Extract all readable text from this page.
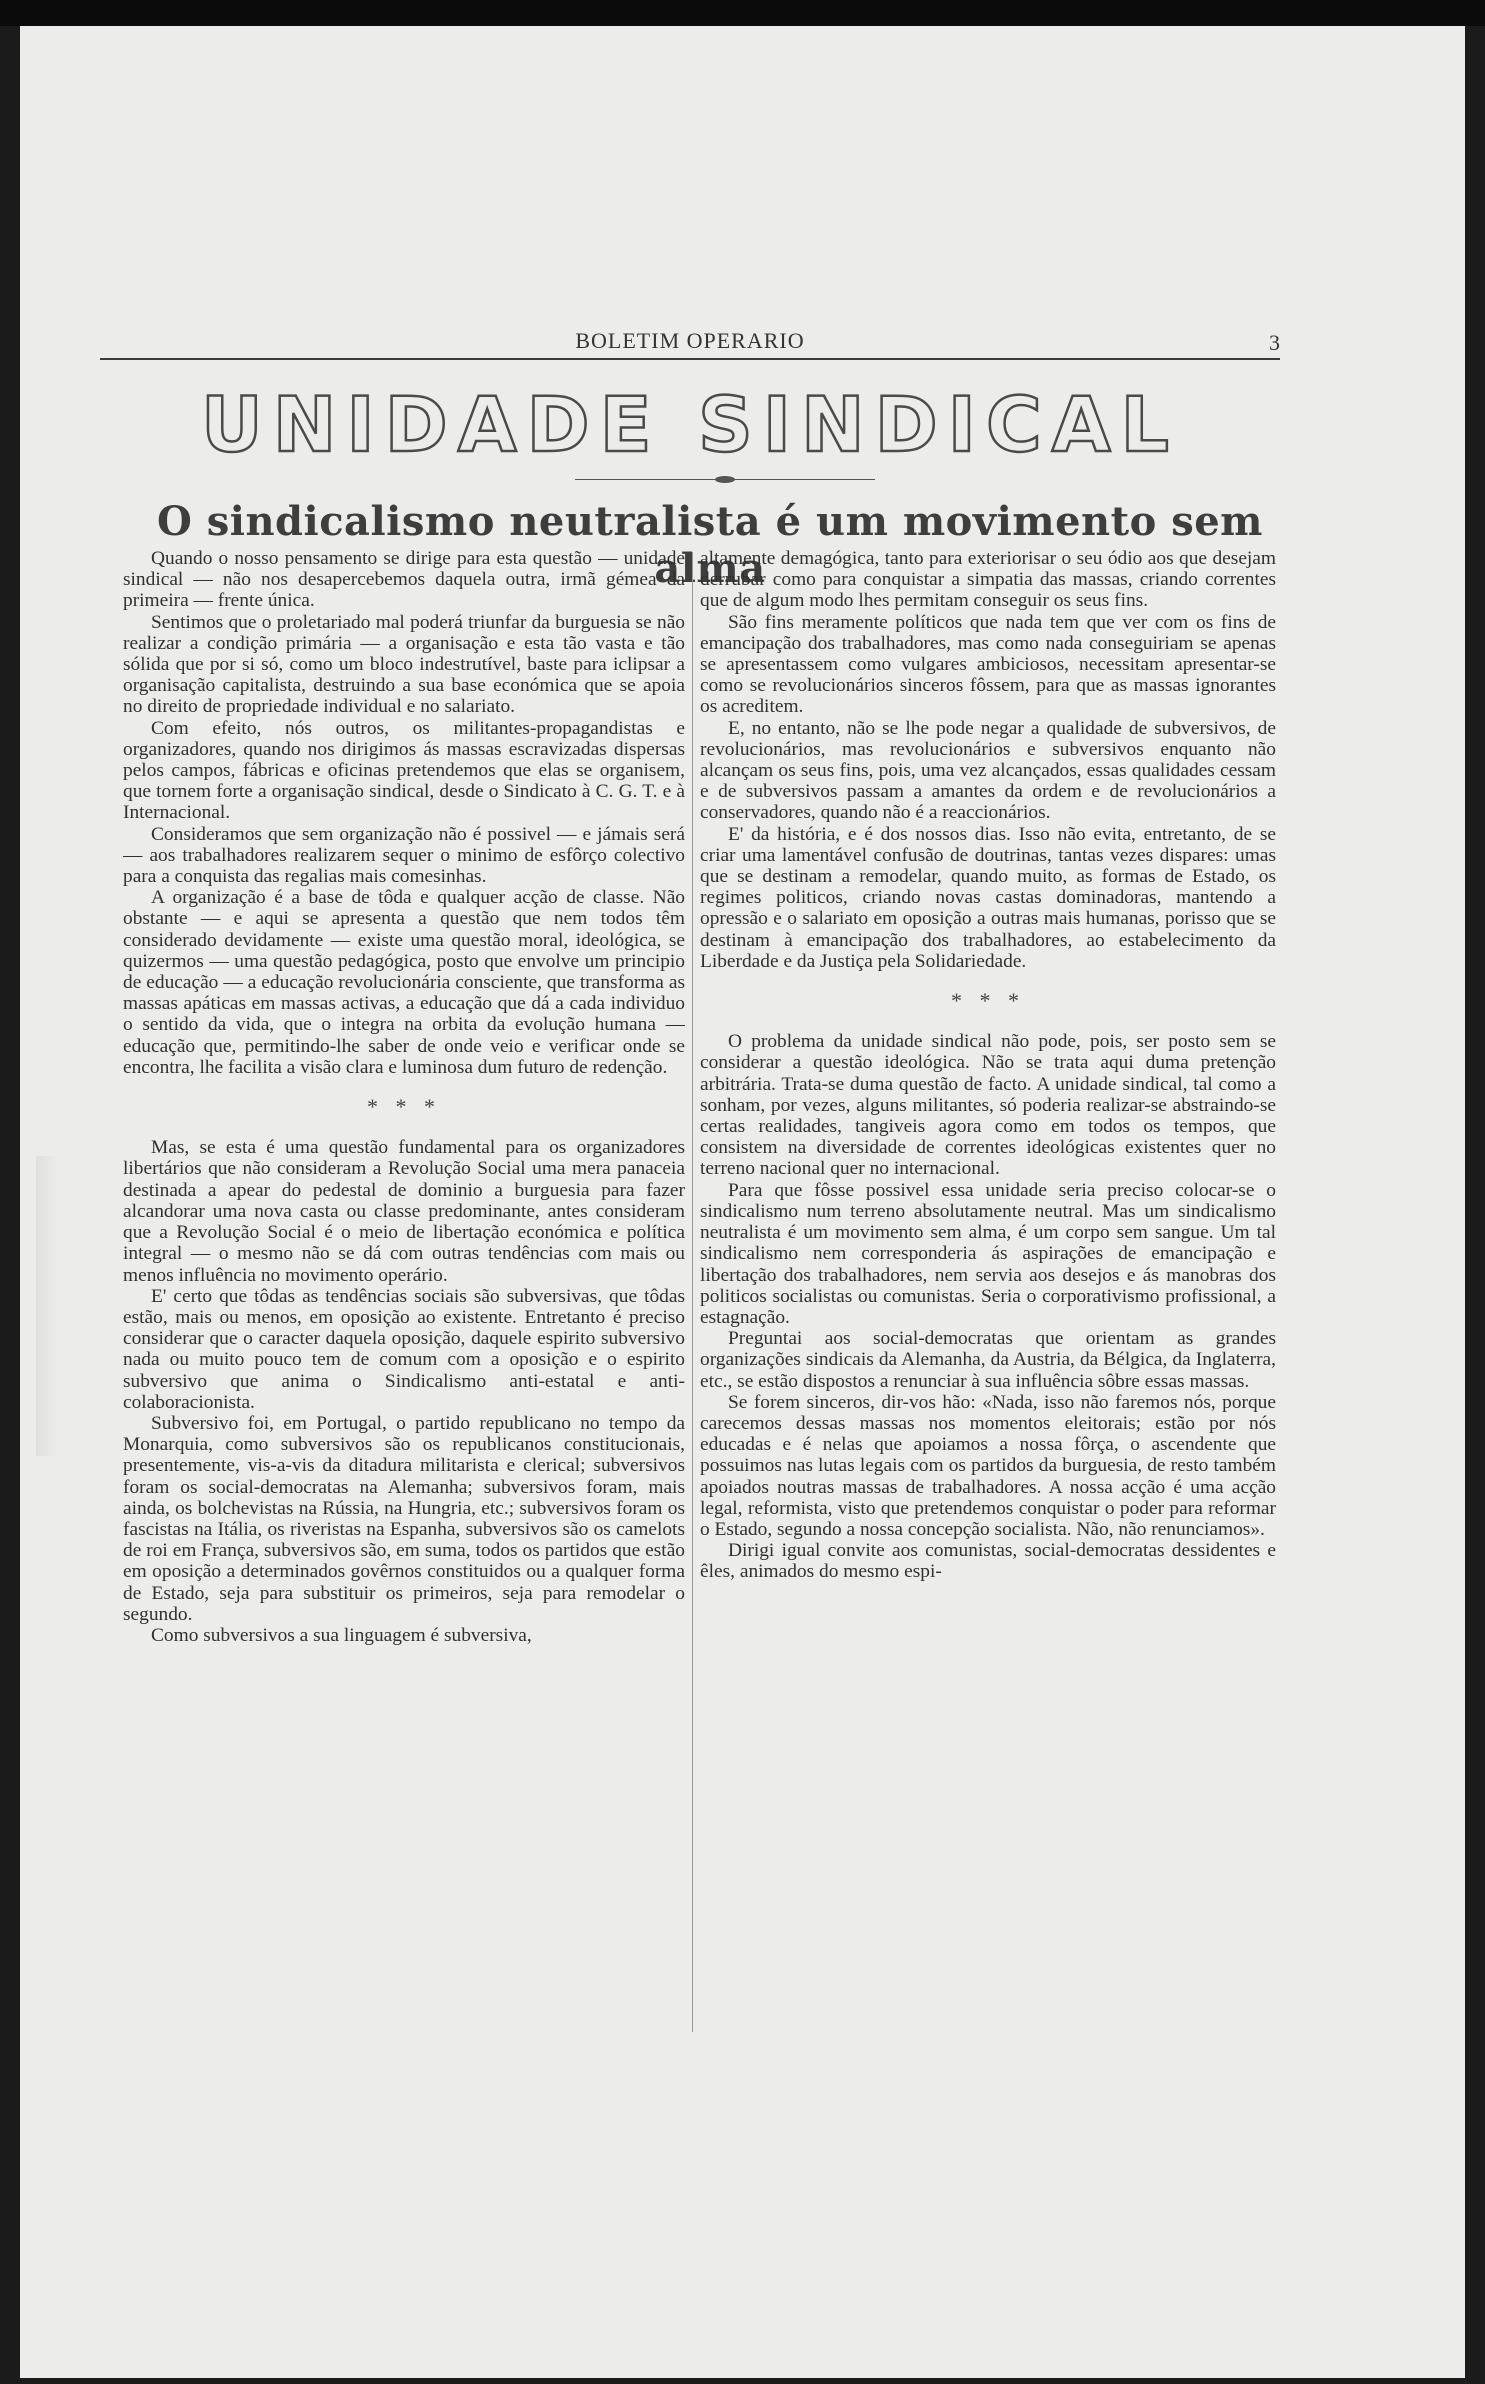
BOLETIM OPERARIO	3
UNIDADE SINDICAL
O sindicalismo neutralista é um movimento sem alma

Quando o nosso pensamento se dirige para esta questão — unidade sindical — não nos desapercebemos daquela outra, irmã gémea da primeira — frente única.

Sentimos que o proletariado mal poderá triunfar da burguesia se não realizar a condição primária — a organisação e esta tão vasta e tão sólida que por si só, como um bloco indestrutível, baste para iclipsar a organisação capitalista, destruindo a sua base económica que se apoia no direito de propriedade individual e no salariato.

Com efeito, nós outros, os militantes-propagandistas e organizadores, quando nos dirigimos ás massas escravizadas dispersas pelos campos, fábricas e oficinas pretendemos que elas se organisem, que tornem forte a organisação sindical, desde o Sindicato à C. G. T. e à Internacional.

Consideramos que sem organização não é possivel — e jámais será — aos trabalhadores realizarem sequer o minimo de esfôrço colectivo para a conquista das regalias mais comesinhas.

A organização é a base de tôda e qualquer acção de classe. Não obstante — e aqui se apresenta a questão que nem todos têm considerado devidamente — existe uma questão moral, ideológica, se quizermos — uma questão pedagógica, posto que envolve um principio de educação — a educação revolucionária consciente, que transforma as massas apáticas em massas activas, a educação que dá a cada individuo o sentido da vida, que o integra na orbita da evolução humana — educação que, permitindo-lhe saber de onde veio e verificar onde se encontra, lhe facilita a visão clara e luminosa dum futuro de redenção.

* * *

Mas, se esta é uma questão fundamental para os organizadores libertários que não consideram a Revolução Social uma mera panaceia destinada a apear do pedestal de dominio a burguesia para fazer alcandorar uma nova casta ou classe predominante, antes consideram que a Revolução Social é o meio de libertação económica e política integral — o mesmo não se dá com outras tendências com mais ou menos influência no movimento operário.

E' certo que tôdas as tendências sociais são subversivas, que tôdas estão, mais ou menos, em oposição ao existente. Entretanto é preciso considerar que o caracter daquela oposição, daquele espirito subversivo nada ou muito pouco tem de comum com a oposição e o espirito subversivo que anima o Sindicalismo anti-estatal e anti-colaboracionista.

Subversivo foi, em Portugal, o partido republicano no tempo da Monarquia, como subversivos são os republicanos constitucionais, presentemente, vis-a-vis da ditadura militarista e clerical; subversivos foram os social-democratas na Alemanha; subversivos foram, mais ainda, os bolchevistas na Rússia, na Hungria, etc.; subversivos foram os fascistas na Itália, os riveristas na Espanha, subversivos são os camelots de roi em França, subversivos são, em suma, todos os partidos que estão em oposição a determinados govêrnos constituidos ou a qualquer forma de Estado, seja para substituir os primeiros, seja para remodelar o segundo.

Como subversivos a sua linguagem é subversiva,

altamente demagógica, tanto para exteriorisar o seu ódio aos que desejam derrubar como para conquistar a simpatia das massas, criando correntes que de algum modo lhes permitam conseguir os seus fins.

São fins meramente políticos que nada tem que ver com os fins de emancipação dos trabalhadores, mas como nada conseguiriam se apenas se apresentassem como vulgares ambiciosos, necessitam apresentar-se como se revolucionários sinceros fôssem, para que as massas ignorantes os acreditem.

E, no entanto, não se lhe pode negar a qualidade de subversivos, de revolucionários, mas revolucionários e subversivos enquanto não alcançam os seus fins, pois, uma vez alcançados, essas qualidades cessam e de subversivos passam a amantes da ordem e de revolucionários a conservadores, quando não é a reaccionários.

E' da história, e é dos nossos dias. Isso não evita, entretanto, de se criar uma lamentável confusão de doutrinas, tantas vezes dispares: umas que se destinam a remodelar, quando muito, as formas de Estado, os regimes politicos, criando novas castas dominadoras, mantendo a opressão e o salariato em oposição a outras mais humanas, porisso que se destinam à emancipação dos trabalhadores, ao estabelecimento da Liberdade e da Justiça pela Solidariedade.

* * *

O problema da unidade sindical não pode, pois, ser posto sem se considerar a questão ideológica. Não se trata aqui duma pretenção arbitrária. Trata-se duma questão de facto. A unidade sindical, tal como a sonham, por vezes, alguns militantes, só poderia realizar-se abstraindo-se certas realidades, tangiveis agora como em todos os tempos, que consistem na diversidade de correntes ideológicas existentes quer no terreno nacional quer no internacional.

Para que fôsse possivel essa unidade seria preciso colocar-se o sindicalismo num terreno absolutamente neutral. Mas um sindicalismo neutralista é um movimento sem alma, é um corpo sem sangue. Um tal sindicalismo nem corresponderia ás aspirações de emancipação e libertação dos trabalhadores, nem servia aos desejos e ás manobras dos politicos socialistas ou comunistas. Seria o corporativismo profissional, a estagnação.

Preguntai aos social-democratas que orientam as grandes organizações sindicais da Alemanha, da Austria, da Bélgica, da Inglaterra, etc., se estão dispostos a renunciar à sua influência sôbre essas massas.

Se forem sinceros, dir-vos hão: «Nada, isso não faremos nós, porque carecemos dessas massas nos momentos eleitorais; estão por nós educadas e é nelas que apoiamos a nossa fôrça, o ascendente que possuimos nas lutas legais com os partidos da burguesia, de resto também apoiados noutras massas de trabalhadores. A nossa acção é uma acção legal, reformista, visto que pretendemos conquistar o poder para reformar o Estado, segundo a nossa concepção socialista. Não, não renunciamos».

Dirigi igual convite aos comunistas, social-democratas dessidentes e êles, animados do mesmo espi-
